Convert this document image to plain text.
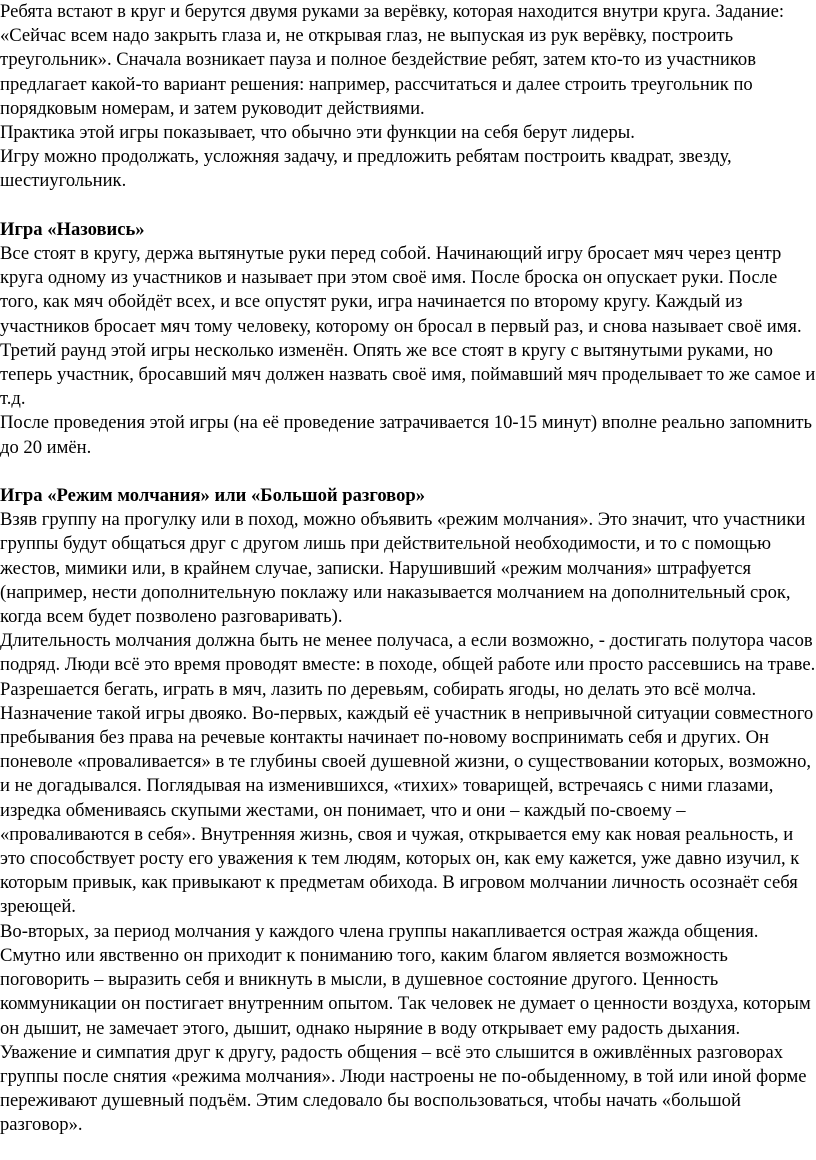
Ребята встают в круг и берутся двумя руками за верёвку, которая находится внутри круга. Задание: «Сейчас всем надо закрыть глаза и, не открывая глаз, не выпуская из рук верёвку, построить треугольник». Сначала возникает пауза и полное бездействие ребят, затем кто-то из участников предлагает какой-то вариант решения: например, рассчитаться и далее строить треугольник по порядковым номерам, и затем руководит действиями.

Практика этой игры показывает, что обычно эти функции на себя берут лидеры.

Игру можно продолжать, усложняя задачу, и предложить ребятам построить квадрат, звезду, шестиугольник.

Игра «Назовись»

Все стоят в кругу, держа вытянутые руки перед собой. Начинающий игру бросает мяч через центр круга одному из участников и называет при этом своё имя. После броска он опускает руки. После того, как мяч обойдёт всех, и все опустят руки, игра начинается по второму кругу. Каждый из участников бросает мяч тому человеку, которому он бросал в первый раз, и снова называет своё имя.

Третий раунд этой игры несколько изменён. Опять же все стоят в кругу с вытянутыми руками, но теперь участник, бросавший мяч должен назвать своё имя, поймавший мяч проделывает то же самое и т.д.

После проведения этой игры (на её проведение затрачивается 10-15 минут) вполне реально запомнить до 20 имён.

Игра «Режим молчания» или «Большой разговор»

Взяв группу на прогулку или в поход, можно объявить «режим молчания». Это значит, что участники группы будут общаться друг с другом лишь при действительной необходимости, и то с помощью жестов, мимики или, в крайнем случае, записки. Нарушивший «режим молчания» штрафуется (например, нести дополнительную поклажу или наказывается молчанием на дополнительный срок, когда всем будет позволено разговаривать).

Длительность молчания должна быть не менее получаса, а если возможно, - достигать полутора часов подряд. Люди всё это время проводят вместе: в походе, общей работе или просто рассевшись на траве. Разрешается бегать, играть в мяч, лазить по деревьям, собирать ягоды, но делать это всё молча.

Назначение такой игры двояко. Во-первых, каждый её участник в непривычной ситуации совместного пребывания без права на речевые контакты начинает по-новому воспринимать себя и других. Он поневоле «проваливается» в те глубины своей душевной жизни, о существовании которых, возможно, и не догадывался. Поглядывая на изменившихся, «тихих» товарищей, встречаясь с ними глазами, изредка обмениваясь скупыми жестами, он понимает, что и они – каждый по-своему – «проваливаются в себя». Внутренняя жизнь, своя и чужая, открывается ему как новая реальность, и это способствует росту его уважения к тем людям, которых он, как ему кажется, уже давно изучил, к которым привык, как привыкают к предметам обихода. В игровом молчании личность осознаёт себя зреющей.

Во-вторых, за период молчания у каждого члена группы накапливается острая жажда общения. Смутно или явственно он приходит к пониманию того, каким благом является возможность поговорить – выразить себя и вникнуть в мысли, в душевное состояние другого. Ценность коммуникации он постигает внутренним опытом. Так человек не думает о ценности воздуха, которым он дышит, не замечает этого, дышит, однако ныряние в воду открывает ему радость дыхания.

Уважение и симпатия друг к другу, радость общения – всё это слышится в оживлённых разговорах группы после снятия «режима молчания». Люди настроены не по-обыденному, в той или иной форме переживают душевный подъём. Этим следовало бы воспользоваться, чтобы начать «большой разговор».
